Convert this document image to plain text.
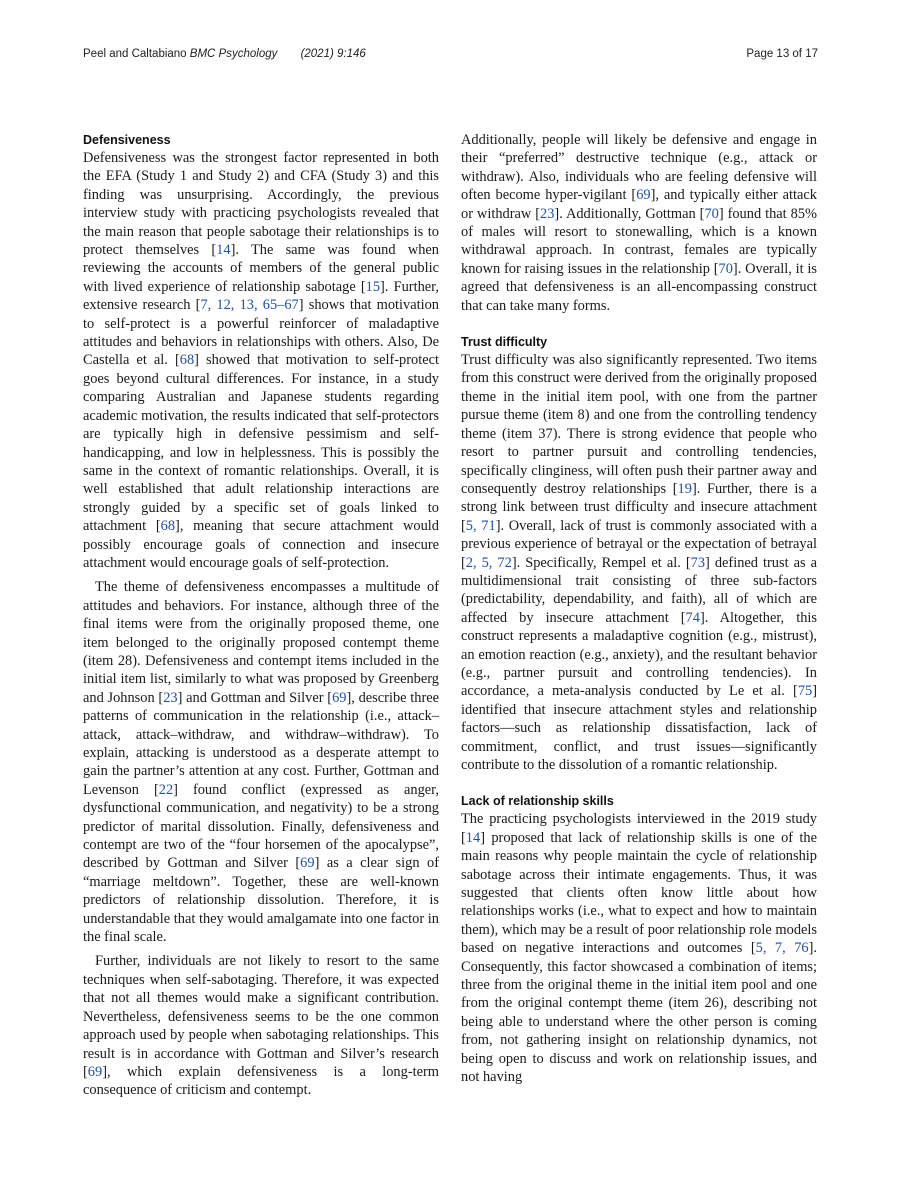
Peel and Caltabiano BMC Psychology (2021) 9:146	Page 13 of 17
Defensiveness

Defensiveness was the strongest factor represented in both the EFA (Study 1 and Study 2) and CFA (Study 3) and this finding was unsurprising. Accordingly, the previous interview study with practicing psychologists revealed that the main reason that people sabotage their relationships is to protect themselves [14]. The same was found when reviewing the accounts of members of the general public with lived experience of relationship sabotage [15]. Further, extensive research [7, 12, 13, 65–67] shows that motivation to self-protect is a powerful reinforcer of maladaptive attitudes and behaviors in relationships with others. Also, De Castella et al. [68] showed that motivation to self-protect goes beyond cultural differences. For instance, in a study comparing Australian and Japanese students regarding academic motivation, the results indicated that self-protectors are typically high in defensive pessimism and self-handicapping, and low in helplessness. This is possibly the same in the context of romantic relationships. Overall, it is well established that adult relationship interactions are strongly guided by a specific set of goals linked to attachment [68], meaning that secure attachment would possibly encourage goals of connection and insecure attachment would encourage goals of self-protection.

The theme of defensiveness encompasses a multitude of attitudes and behaviors. For instance, although three of the final items were from the originally proposed theme, one item belonged to the originally proposed contempt theme (item 28). Defensiveness and contempt items included in the initial item list, similarly to what was proposed by Greenberg and Johnson [23] and Gottman and Silver [69], describe three patterns of communication in the relationship (i.e., attack–attack, attack–withdraw, and withdraw–withdraw). To explain, attacking is understood as a desperate attempt to gain the partner’s attention at any cost. Further, Gottman and Levenson [22] found conflict (expressed as anger, dysfunctional communication, and negativity) to be a strong predictor of marital dissolution. Finally, defensiveness and contempt are two of the “four horsemen of the apocalypse”, described by Gottman and Silver [69] as a clear sign of “marriage meltdown”. Together, these are well-known predictors of relationship dissolution. Therefore, it is understandable that they would amalgamate into one factor in the final scale.

Further, individuals are not likely to resort to the same techniques when self-sabotaging. Therefore, it was expected that not all themes would make a significant contribution. Nevertheless, defensiveness seems to be the one common approach used by people when sabotaging relationships. This result is in accordance with Gottman and Silver’s research [69], which explain defensiveness is a long-term consequence of criticism and contempt.

Additionally, people will likely be defensive and engage in their “preferred” destructive technique (e.g., attack or withdraw). Also, individuals who are feeling defensive will often become hyper-vigilant [69], and typically either attack or withdraw [23]. Additionally, Gottman [70] found that 85% of males will resort to stonewalling, which is a known withdrawal approach. In contrast, females are typically known for raising issues in the relationship [70]. Overall, it is agreed that defensiveness is an all-encompassing construct that can take many forms.

Trust difficulty

Trust difficulty was also significantly represented. Two items from this construct were derived from the originally proposed theme in the initial item pool, with one from the partner pursue theme (item 8) and one from the controlling tendency theme (item 37). There is strong evidence that people who resort to partner pursuit and controlling tendencies, specifically clinginess, will often push their partner away and consequently destroy relationships [19]. Further, there is a strong link between trust difficulty and insecure attachment [5, 71]. Overall, lack of trust is commonly associated with a previous experience of betrayal or the expectation of betrayal [2, 5, 72]. Specifically, Rempel et al. [73] defined trust as a multidimensional trait consisting of three sub-factors (predictability, dependability, and faith), all of which are affected by insecure attachment [74]. Altogether, this construct represents a maladaptive cognition (e.g., mistrust), an emotion reaction (e.g., anxiety), and the resultant behavior (e.g., partner pursuit and controlling tendencies). In accordance, a meta-analysis conducted by Le et al. [75] identified that insecure attachment styles and relationship factors—such as relationship dissatisfaction, lack of commitment, conflict, and trust issues—significantly contribute to the dissolution of a romantic relationship.

Lack of relationship skills

The practicing psychologists interviewed in the 2019 study [14] proposed that lack of relationship skills is one of the main reasons why people maintain the cycle of relationship sabotage across their intimate engagements. Thus, it was suggested that clients often know little about how relationships works (i.e., what to expect and how to maintain them), which may be a result of poor relationship role models based on negative interactions and outcomes [5, 7, 76]. Consequently, this factor showcased a combination of items; three from the original theme in the initial item pool and one from the original contempt theme (item 26), describing not being able to understand where the other person is coming from, not gathering insight on relationship dynamics, not being open to discuss and work on relationship issues, and not having
